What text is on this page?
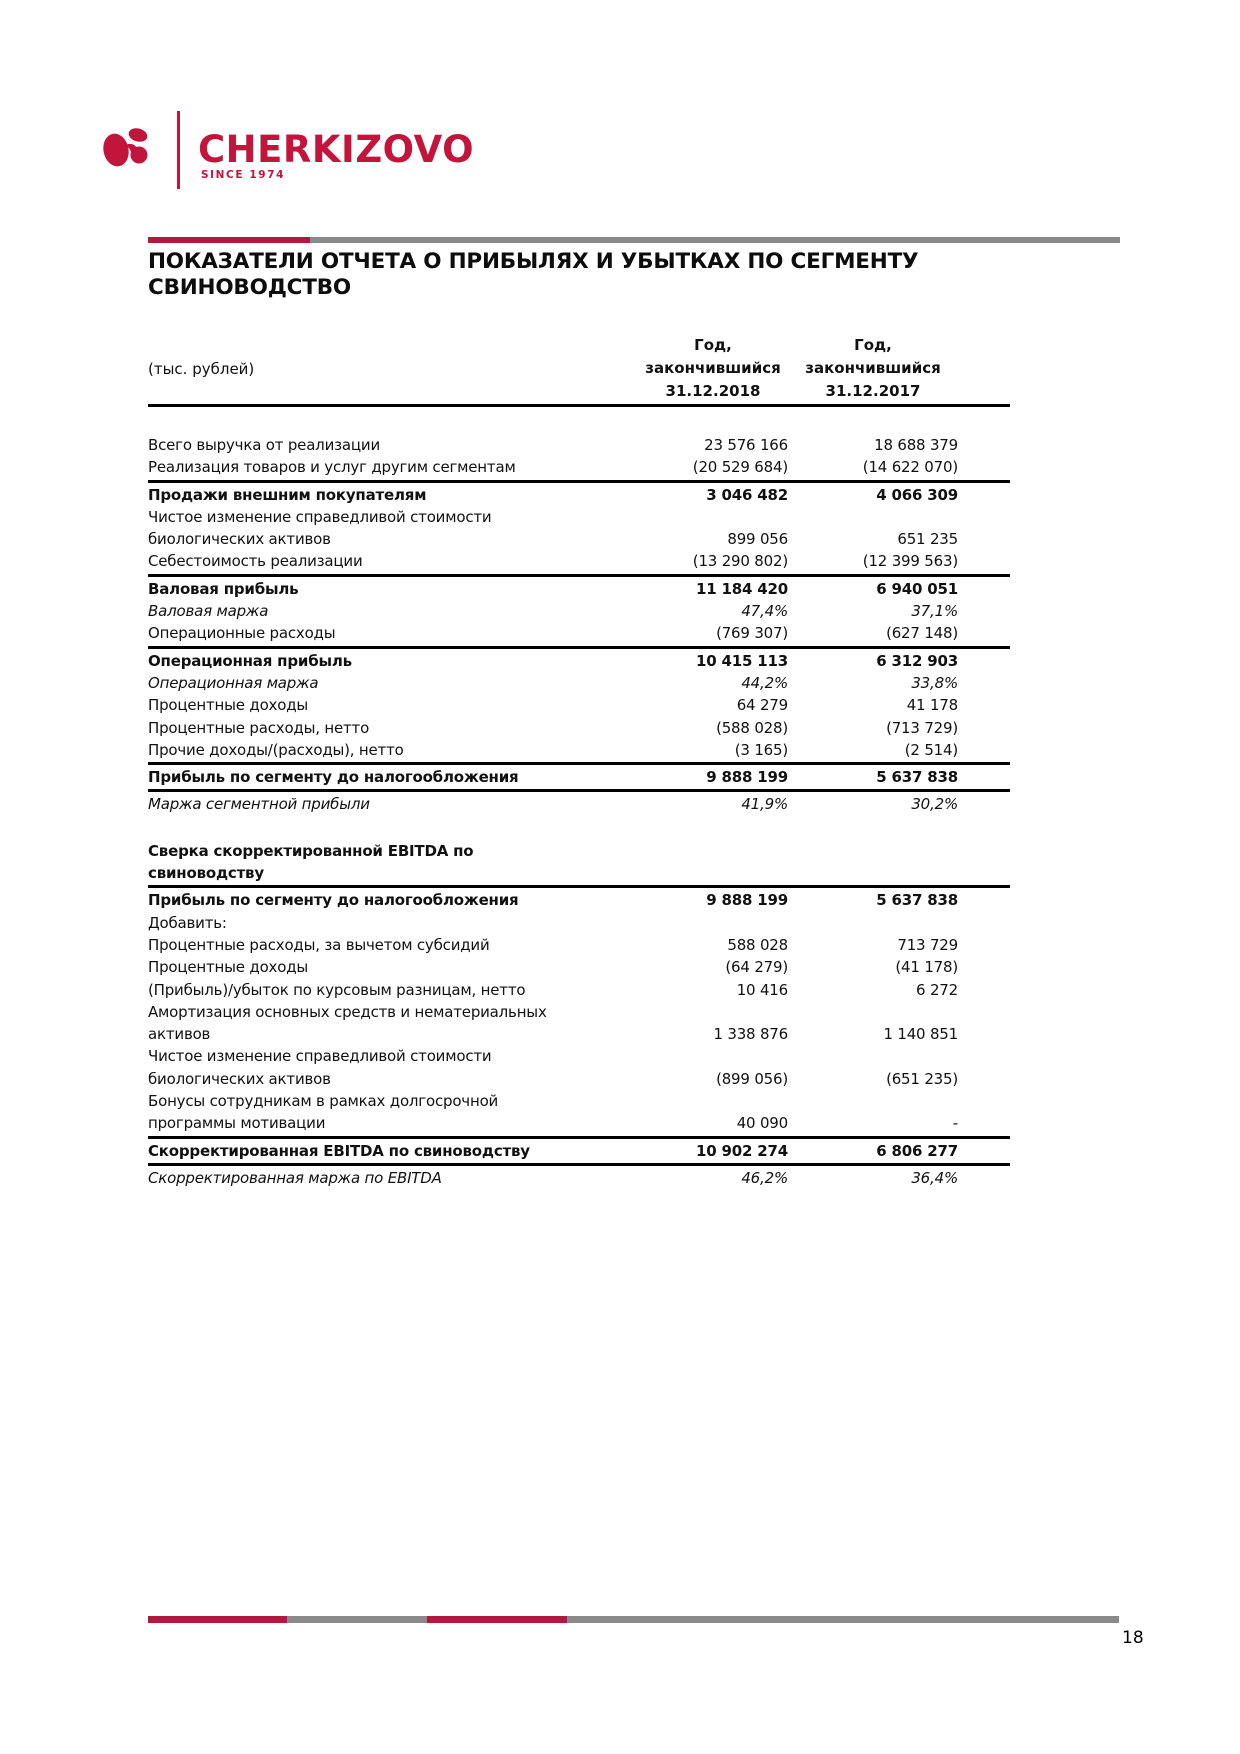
CHERKIZOVO
SINCE 1974
ПОКАЗАТЕЛИ ОТЧЕТА О ПРИБЫЛЯХ И УБЫТКАХ ПО СЕГМЕНТУ СВИНОВОДСТВО
(тыс. рублей)
Год,
закончившийся
31.12.2018
Год,
закончившийся
31.12.2017
Всего выручка от реализации	23 576 166	18 688 379
Реализация товаров и услуг другим сегментам	(20 529 684)	(14 622 070)
Продажи внешним покупателям	3 046 482	4 066 309
Чистое изменение справедливой стоимости
биологических активов	899 056	651 235
Себестоимость реализации	(13 290 802)	(12 399 563)
Валовая прибыль	11 184 420	6 940 051
Валовая маржа	47,4%	37,1%
Операционные расходы	(769 307)	(627 148)
Операционная прибыль	10 415 113	6 312 903
Операционная маржа	44,2%	33,8%
Процентные доходы	64 279	41 178
Процентные расходы, нетто	(588 028)	(713 729)
Прочие доходы/(расходы), нетто	(3 165)	(2 514)
Прибыль по сегменту до налогообложения	9 888 199	5 637 838
Маржа сегментной прибыли	41,9%	30,2%
Сверка скорректированной EBITDA по
свиноводству
Прибыль по сегменту до налогообложения	9 888 199	5 637 838
Добавить:
Процентные расходы, за вычетом субсидий	588 028	713 729
Процентные доходы	(64 279)	(41 178)
(Прибыль)/убыток по курсовым разницам, нетто	10 416	6 272
Амортизация основных средств и нематериальных
активов	1 338 876	1 140 851
Чистое изменение справедливой стоимости
биологических активов	(899 056)	(651 235)
Бонусы сотрудникам в рамках долгосрочной
программы мотивации	40 090	-
Скорректированная EBITDA по свиноводству	10 902 274	6 806 277
Скорректированная маржа по EBITDA	46,2%	36,4%
18
